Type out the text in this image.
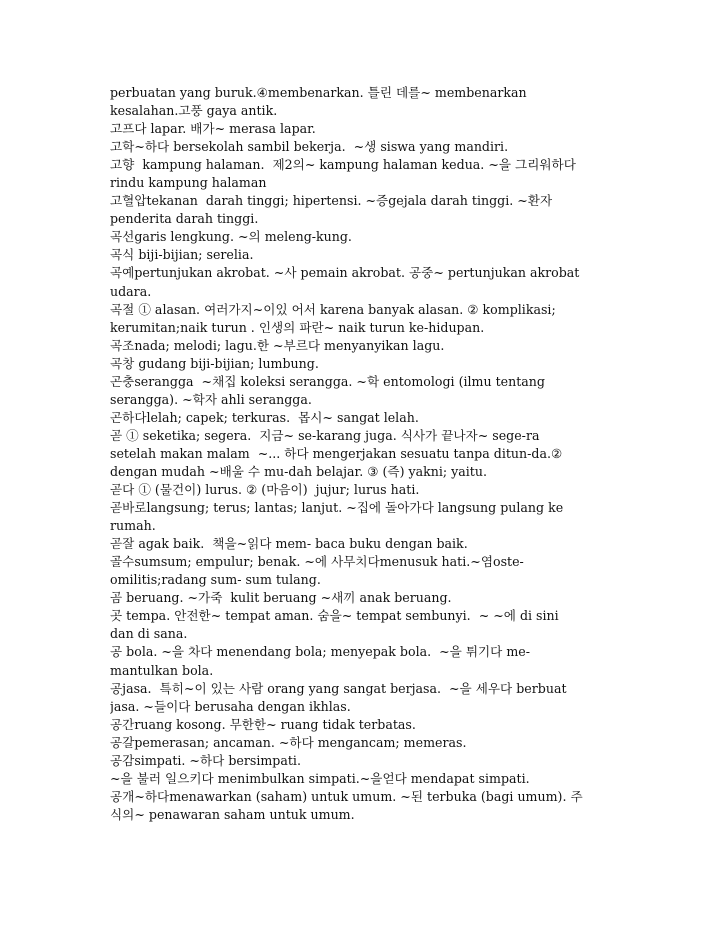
perbuatan yang buruk.④membenarkan. 틀린 데를~ membenarkan
kesalahan.고풍 gaya antik.
고프다 lapar. 배가~ merasa lapar.
고학~하다 bersekolah sambil bekerja.  ~생 siswa yang mandiri.
고향  kampung halaman.  제2의~ kampung halaman kedua. ~을 그리워하다
rindu kampung halaman
고혈압tekanan  darah tinggi; hipertensi. ~증gejala darah tinggi. ~환자
penderita darah tinggi.
곡선garis lengkung. ~의 meleng-kung.
곡식 biji-bijian; serelia.
곡예pertunjukan akrobat. ~사 pemain akrobat. 공중~ pertunjukan akrobat
udara.
곡절 ① alasan. 여러가지~이있 어서 karena banyak alasan. ② komplikasi;
kerumitan;naik turun . 인생의 파란~ naik turun ke-hidupan.
곡조nada; melodi; lagu.한 ~부르다 menyanyikan lagu.
곡창 gudang biji-bijian; lumbung.
곤충serangga  ~채집 koleksi serangga. ~학 entomologi (ilmu tentang
serangga). ~학자 ahli serangga.
곤하다lelah; capek; terkuras.  몹시~ sangat lelah.
곧 ① seketika; segera.  지금~ se-karang juga. 식사가 끝나자~ sege-ra
setelah makan malam  ~... 하다 mengerjakan sesuatu tanpa ditun-da.②
dengan mudah ~배울 수 mu-dah belajar. ③ (즉) yakni; yaitu.
곧다 ① (물건이) lurus. ② (마음이)  jujur; lurus hati.
곧바로langsung; terus; lantas; lanjut. ~집에 돌아가다 langsung pulang ke
rumah.
곧잘 agak baik.  책을~읽다 mem- baca buku dengan baik.
골수sumsum; empulur; benak. ~에 사무치다menusuk hati.~염oste-
omilitis;radang sum- sum tulang.
곰 beruang. ~가죽  kulit beruang ~새끼 anak beruang.
곳 tempa. 안전한~ tempat aman. 숨을~ tempat sembunyi.  ~ ~에 di sini
dan di sana.
공 bola. ~을 차다 menendang bola; menyepak bola.  ~을 튀기다 me-
mantulkan bola.
공jasa.  특히~이 있는 사람 orang yang sangat berjasa.  ~을 세우다 berbuat
jasa. ~들이다 berusaha dengan ikhlas.
공간ruang kosong. 무한한~ ruang tidak terbatas.
공갈pemerasan; ancaman. ~하다 mengancam; memeras.
공감simpati. ~하다 bersimpati.
~을 불러 일으키다 menimbulkan simpati.~을얻다 mendapat simpati.
공개~하다menawarkan (saham) untuk umum. ~된 terbuka (bagi umum). 주
식의~ penawaran saham untuk umum.
